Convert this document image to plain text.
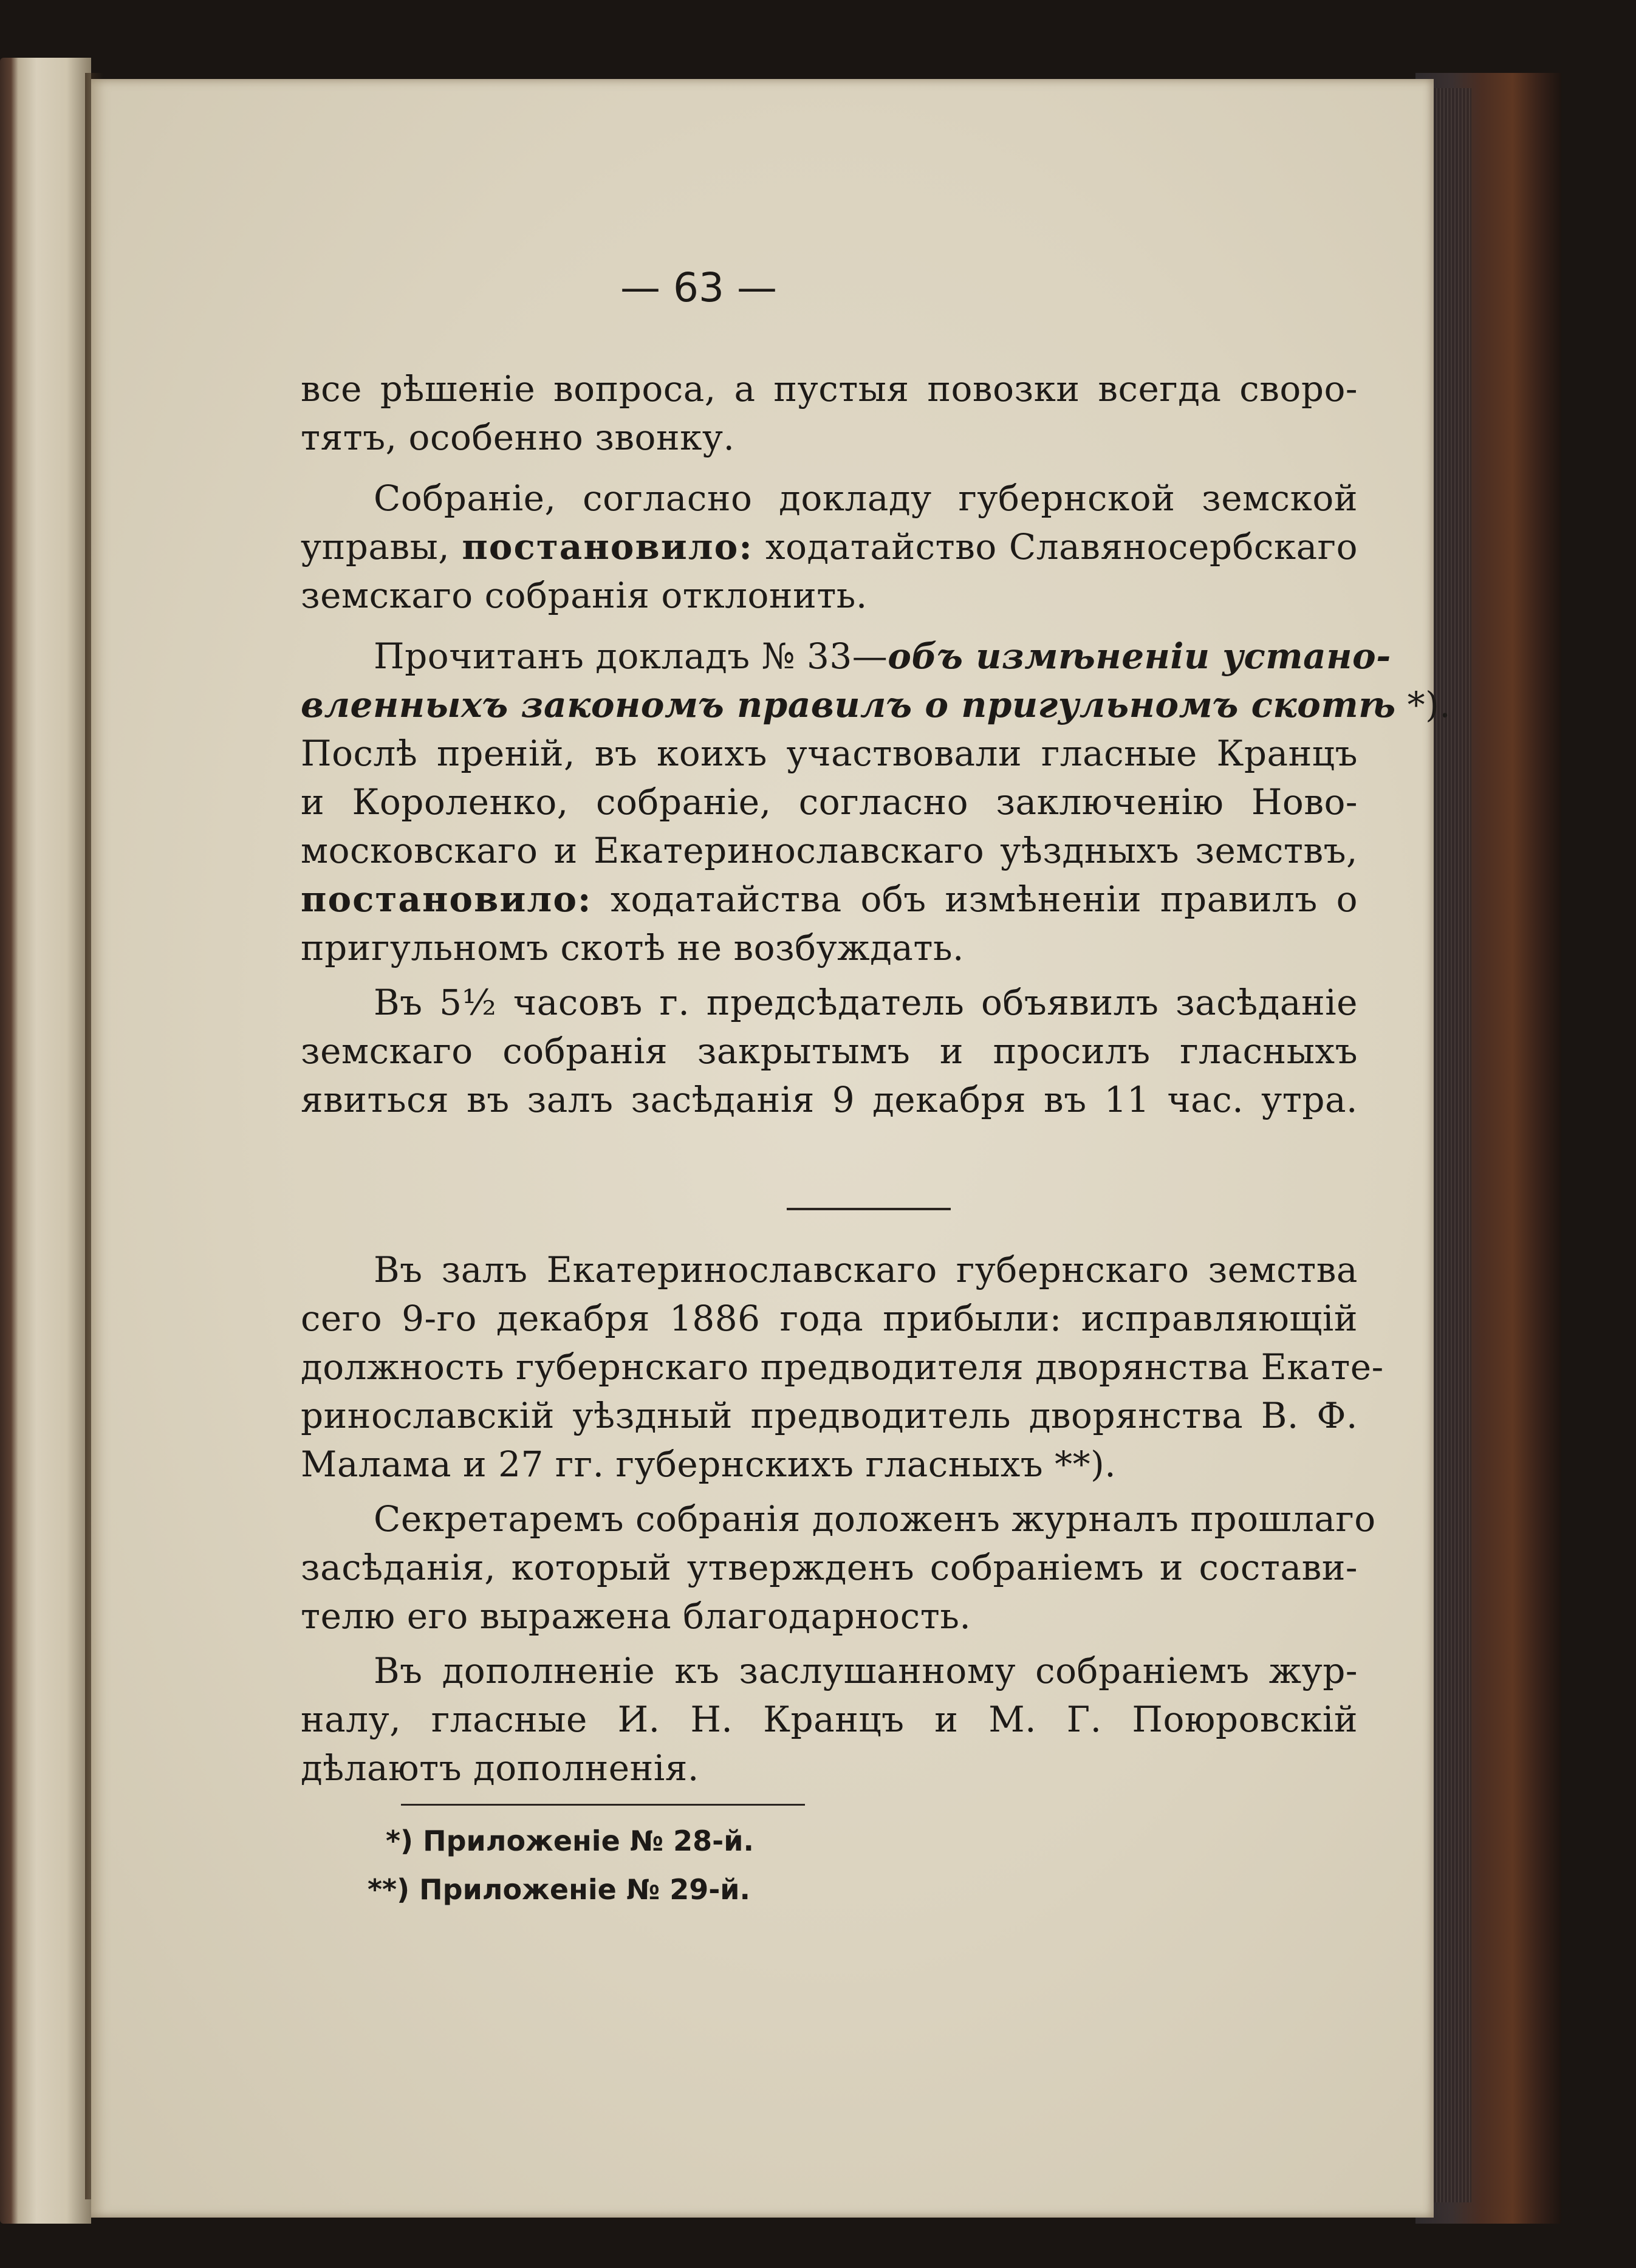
— 63 —
все рѣшеніе вопроса, а пустыя повозки всегда сворo-
тятъ, особенно звонку.
Собраніе, согласно докладу губернской земской
управы, постановило: ходатайство Славяносербскаго
земскаго собранія отклонить.
Прочитанъ докладъ № 33—объ измѣненіи устано-
вленныхъ закономъ правилъ о пригульномъ скотѣ *).
Послѣ преній, въ коихъ участвовали гласные Кранцъ
и Короленко, собраніе, согласно заключенію Ново-
московскаго и Екатеринославскаго уѣздныхъ земствъ,
постановило: ходатайства объ измѣненіи правилъ о
пригульномъ скотѣ не возбуждать.
Въ 5½ часовъ г. предсѣдатель объявилъ засѣданіе
земскаго собранія закрытымъ и просилъ гласныхъ
явиться въ залъ засѣданія 9 декабря въ 11 час. утра.
Въ залъ Екатеринославскаго губернскаго земства
сего 9-го декабря 1886 года прибыли: исправляющій
должность губернскаго предводителя дворянства Екате-
ринославскій уѣздный предводитель дворянства В. Ф.
Малама и 27 гг. губернскихъ гласныхъ **).
Секретаремъ собранія доложенъ журналъ прошлаго
засѣданія, который утвержденъ собраніемъ и состави-
телю его выражена благодарность.
Въ дополненіе къ заслушанному собраніемъ жур-
налу, гласные И. Н. Кранцъ и М. Г. Поюровскій
дѣлаютъ дополненія.
*) Приложеніе № 28-й.
**) Приложеніе № 29-й.
